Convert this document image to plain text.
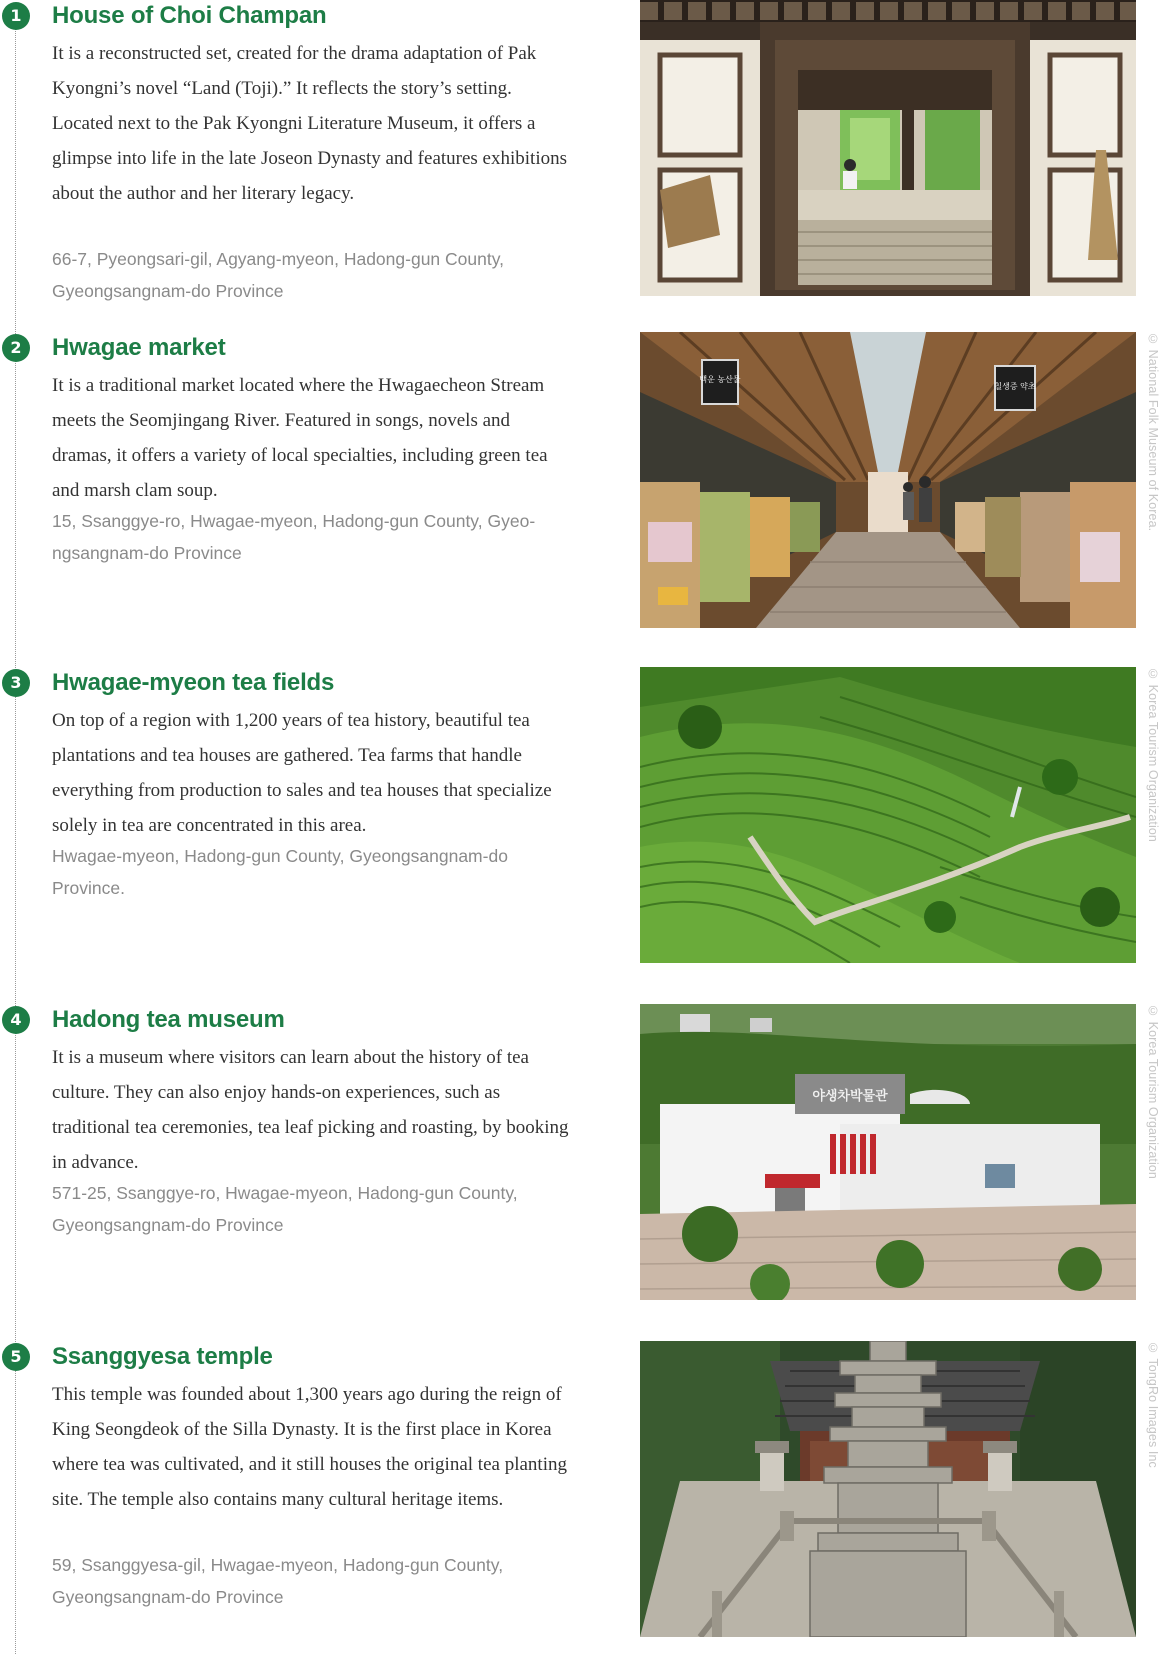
1	House of Choi Champan

It is a reconstructed set, created for the drama adaptation of Pak Kyongni’s novel “Land (Toji).” It reflects the story’s setting. Located next to the Pak Kyongni Literature Museum, it offers a glimpse into life in the late Joseon Dynasty and features exhibitions about the author and her literary legacy.

66-7, Pyeongsari-gil, Agyang-myeon, Hadong-gun County, Gyeongsangnam-do Province

2	Hwagae market

It is a traditional market located where the Hwagaecheon Stream meets the Seomjingang River. Featured in songs, novels and dramas, it offers a variety of local specialties, including green tea and marsh clam soup.

15, Ssanggye-ro, Hwagae-myeon, Hadong-gun County, Gyeongsangnam-do Province

백운 농산물
칠생증 약초	© National Folk Museum of Korea.
3	Hwagae-myeon tea fields

On top of a region with 1,200 years of tea history, beautiful tea plantations and tea houses are gathered. Tea farms that handle everything from production to sales and tea houses that specialize solely in tea are concentrated in this area.

Hwagae-myeon, Hadong-gun County, Gyeongsangnam-do Province.

© Korea Tourism Organization
4	Hadong tea museum

It is a museum where visitors can learn about the history of tea culture. They can also enjoy hands-on experiences, such as traditional tea ceremonies, tea leaf picking and roasting, by booking in advance.

571-25, Ssanggye-ro, Hwagae-myeon, Hadong-gun County, Gyeongsangnam-do Province

야생차박물관	© Korea Tourism Organization
5	Ssanggyesa temple

This temple was founded about 1,300 years ago during the reign of King Seongdeok of the Silla Dynasty. It is the first place in Korea where tea was cultivated, and it still houses the original tea planting site. The temple also contains many cultural heritage items.

59, Ssanggyesa-gil, Hwagae-myeon, Hadong-gun County, Gyeongsangnam-do Province

© TongRo Images Inc
